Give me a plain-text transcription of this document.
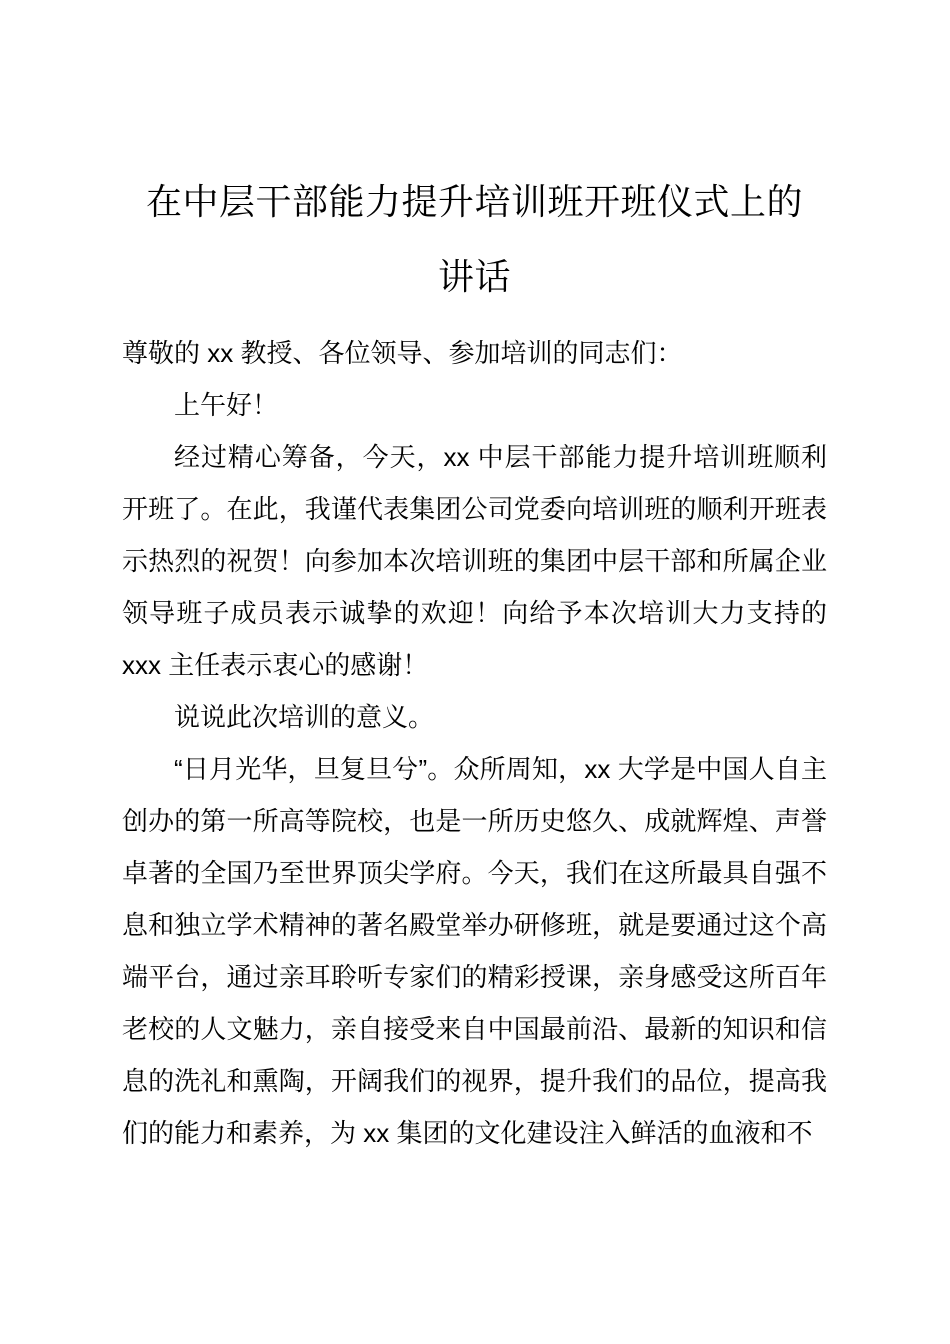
在中层干部能力提升培训班开班仪式上的
讲话

尊敬的 xx 教授、各位领导、参加培训的同志们：

上午好！

经过精心筹备，今天，xx 中层干部能力提升培训班顺利开班了。在此，我谨代表集团公司党委向培训班的顺利开班表示热烈的祝贺！向参加本次培训班的集团中层干部和所属企业领导班子成员表示诚挚的欢迎！向给予本次培训大力支持的 xxx 主任表示衷心的感谢！

说说此次培训的意义。

“日月光华，旦复旦兮”。众所周知，xx 大学是中国人自主创办的第一所高等院校，也是一所历史悠久、成就辉煌、声誉卓著的全国乃至世界顶尖学府。今天，我们在这所最具自强不息和独立学术精神的著名殿堂举办研修班，就是要通过这个高端平台，通过亲耳聆听专家们的精彩授课，亲身感受这所百年老校的人文魅力，亲自接受来自中国最前沿、最新的知识和信息的洗礼和熏陶，开阔我们的视界，提升我们的品位，提高我们的能力和素养，为 xx 集团的文化建设注入鲜活的血液和不
